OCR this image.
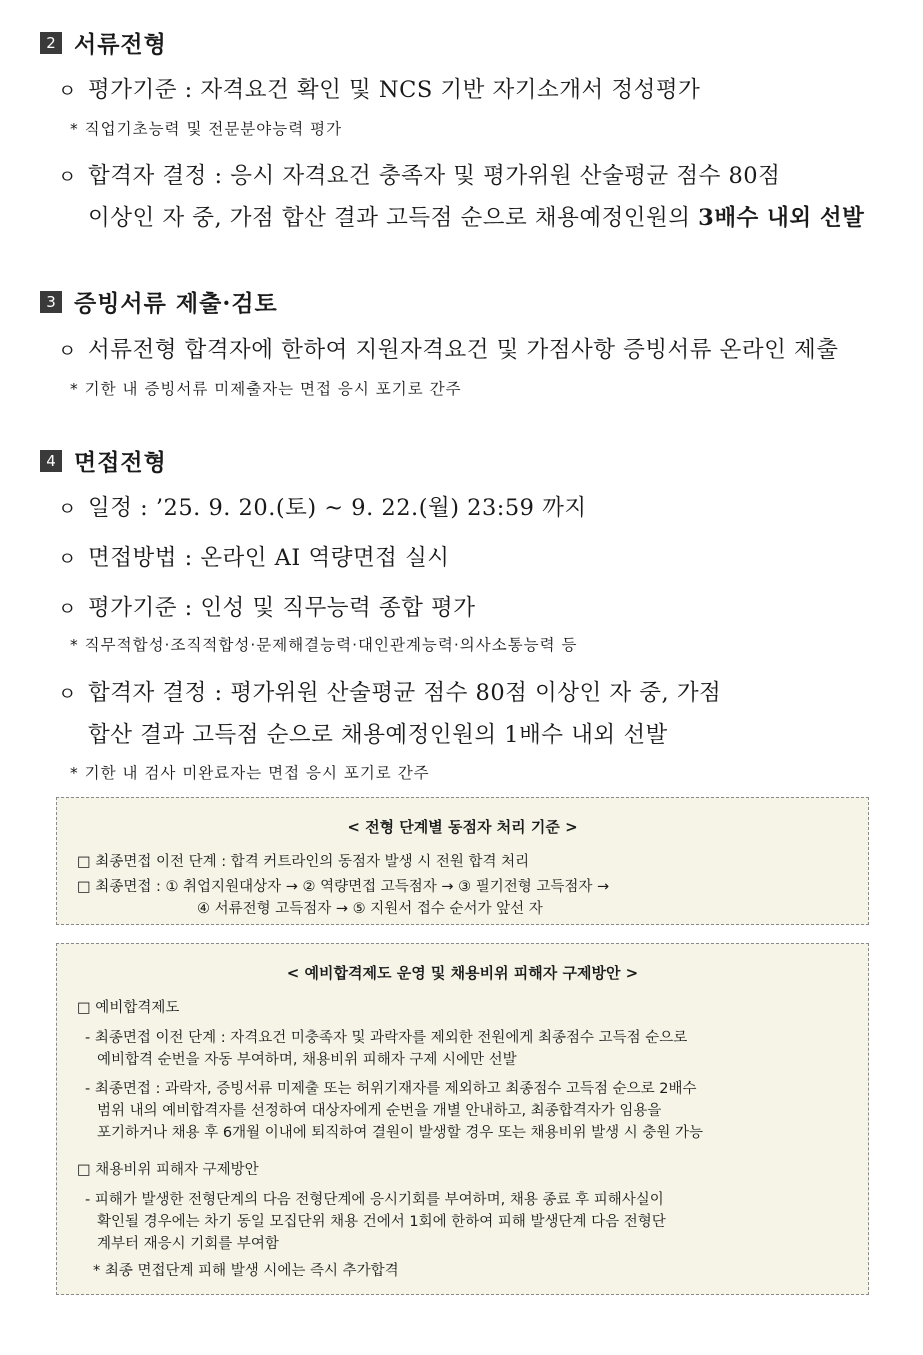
2 서류전형
ㅇ 평가기준 : 자격요건 확인 및 NCS 기반 자기소개서 정성평가
* 직업기초능력 및 전문분야능력 평가
ㅇ 합격자 결정 : 응시 자격요건 충족자 및 평가위원 산술평균 점수 80점
이상인 자 중, 가점 합산 결과 고득점 순으로 채용예정인원의 3배수 내외 선발
3 증빙서류 제출·검토
ㅇ 서류전형 합격자에 한하여 지원자격요건 및 가점사항 증빙서류 온라인 제출
* 기한 내 증빙서류 미제출자는 면접 응시 포기로 간주
4 면접전형
ㅇ 일정 : ’25. 9. 20.(토) ~ 9. 22.(월) 23:59 까지
ㅇ 면접방법 : 온라인 AI 역량면접 실시
ㅇ 평가기준 : 인성 및 직무능력 종합 평가
* 직무적합성·조직적합성·문제해결능력·대인관계능력·의사소통능력 등
ㅇ 합격자 결정 : 평가위원 산술평균 점수 80점 이상인 자 중, 가점
합산 결과 고득점 순으로 채용예정인원의 1배수 내외 선발
* 기한 내 검사 미완료자는 면접 응시 포기로 간주
< 전형 단계별 동점자 처리 기준 >
□ 최종면접 이전 단계 : 합격 커트라인의 동점자 발생 시 전원 합격 처리
□ 최종면접 : ① 취업지원대상자 → ② 역량면접 고득점자 → ③ 필기전형 고득점자 →
④ 서류전형 고득점자 → ⑤ 지원서 접수 순서가 앞선 자
< 예비합격제도 운영 및 채용비위 피해자 구제방안 >
□ 예비합격제도
- 최종면접 이전 단계 : 자격요건 미충족자 및 과락자를 제외한 전원에게 최종점수 고득점 순으로
예비합격 순번을 자동 부여하며, 채용비위 피해자 구제 시에만 선발
- 최종면접 : 과락자, 증빙서류 미제출 또는 허위기재자를 제외하고 최종점수 고득점 순으로 2배수
범위 내의 예비합격자를 선정하여 대상자에게 순번을 개별 안내하고, 최종합격자가 임용을
포기하거나 채용 후 6개월 이내에 퇴직하여 결원이 발생할 경우 또는 채용비위 발생 시 충원 가능
□ 채용비위 피해자 구제방안
- 피해가 발생한 전형단계의 다음 전형단계에 응시기회를 부여하며, 채용 종료 후 피해사실이
확인될 경우에는 차기 동일 모집단위 채용 건에서 1회에 한하여 피해 발생단계 다음 전형단
계부터 재응시 기회를 부여함
* 최종 면접단계 피해 발생 시에는 즉시 추가합격
